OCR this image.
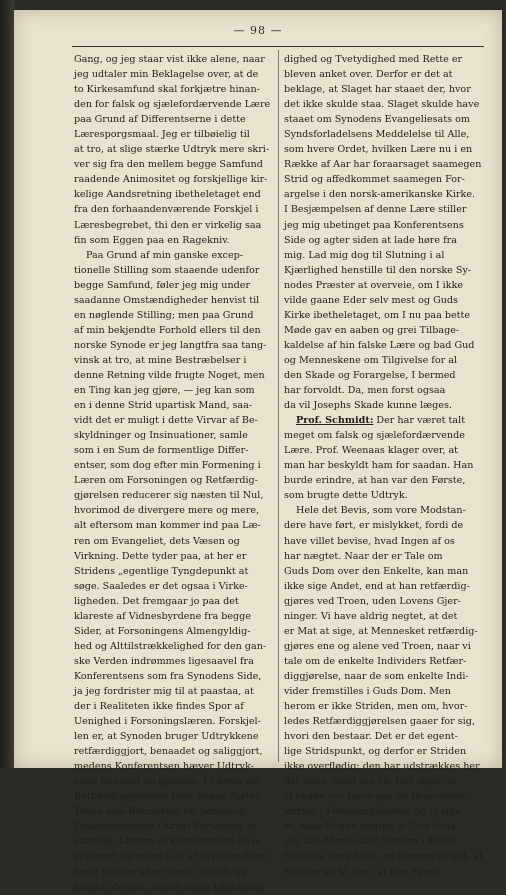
— 98 —
Gang, og jeg staar vist ikke alene, naar
jeg udtaler min Beklagelse over, at de
to Kirkesamfund skal forkjætre hinan-
den for falsk og sjælefordærvende Lære
paa Grund af Differentserne i dette
Læresporgsmaal. Jeg er tilbøielig til
at tro, at slige stærke Udtryk mere skri-
ver sig fra den mellem begge Samfund
raadende Animositet og forskjellige kir-
kelige Aandsretning ibetheletaget end
fra den forhaandenværende Forskjel i
Læresbegrebet, thi den er virkelig saa
fin som Eggen paa en Ragekniv.
Paa Grund af min ganske excep-
tionelle Stilling som staaende udenfor
begge Samfund, føler jeg mig under
saadanne Omstændigheder henvist til
en nøglende Stilling; men paa Grund
af min bekjendte Forhold ellers til den
norske Synode er jeg langtfra saa tang-
vinsk at tro, at mine Bestræbelser i
denne Retning vilde frugte Noget, men
en Ting kan jeg gjøre, — jeg kan som
en i denne Strid upartisk Mand, saa-
vidt det er muligt i dette Virvar af Be-
skyldninger og Insinuationer, samle
som i en Sum de formentlige Differ-
entser, som dog efter min Formening i
Læren om Forsoningen og Retfærdig-
gjørelsen reducerer sig næsten til Nul,
hvorimod de divergere mere og mere,
alt eftersom man kommer ind paa Læ-
ren om Evangeliet, dets Væsen og
Virkning. Dette tyder paa, at her er
Stridens „egentlige Tyngdepunkt at
søge. Saaledes er det ogsaa i Virke-
ligheden. Det fremgaar jo paa det
klareste af Vidnesbyrdene fra begge
Sider, at Forsoningens Almengyldig-
hed og Alttilstrækkelighed for den gan-
ske Verden indrømmes ligesaavel fra
Konferentsens som fra Synodens Side,
ja jeg fordrister mig til at paastaa, at
der i Realiteten ikke findes Spor af
Uenighed i Forsoningslæren. Forskjel-
len er, at Synoden bruger Udtrykkene
retfærdiggjort, benaadet og saliggjort,
medens Konferentsen hæver Udtryk-
kene forsonet og gjenløst. I Læren om
Retfærdiggjørelsen fatte begge Parter
Troen som Betingelse for personlig
Delagtiggjørelse i Kristi Forsoning, ja
samtlige Lærere af Konferentsen have
erklæret sig enige i de af Synoden frem
lagte Sætser efter deres Ordlyd, og
saavidt de gaa, skjønt deres Ufuldstæn-
dighed og Tvetydighed med Rette er
bleven anket over. Derfor er det at
beklage, at Slaget har staaet der, hvor
det ikke skulde staa. Slaget skulde have
staaet om Synodens Evangeliesats om
Syndsforladelsens Meddelelse til Alle,
som hvere Ordet, hvilken Lære nu i en
Række af Aar har foraarsaget saamegen
Strid og affedkommet saamegen For-
argelse i den norsk-amerikanske Kirke.
I Besjæmpelsen af denne Lære stiller
jeg mig ubetinget paa Konferentsens
Side og agter siden at lade høre fra
mig. Lad mig dog til Slutning i al
Kjærlighed henstille til den norske Sy-
nodes Præster at overveie, om I ikke
vilde gaane Eder selv mest og Guds
Kirke ibetheletaget, om I nu paa bette
Møde gav en aaben og grei Tilbage-
kaldelse af hin falske Lære og bad Gud
og Menneskene om Tilgivelse for al
den Skade og Forargelse, I bermed
har forvoldt. Da, men forst ogsaa
da vil Josephs Skade kunne læges.
Prof. Schmidt: Der har været talt
meget om falsk og sjælefordærvende
Lære. Prof. Weenaas klager over, at
man har beskyldt ham for saadan. Han
burde erindre, at han var den Første,
som brugte dette Udtryk.
Hele det Bevis, som vore Modstan-
dere have ført, er mislykket, fordi de
have villet bevise, hvad Ingen af os
har nægtet. Naar der er Tale om
Guds Dom over den Enkelte, kan man
ikke sige Andet, end at han retfærdig-
gjøres ved Troen, uden Lovens Gjer-
ninger. Vi have aldrig negtet, at det
er Mat at sige, at Mennesket retfærdig-
gjøres ene og alene ved Troen, naar vi
tale om de enkelte Individers Retfær-
diggjørelse, naar de som enkelte Indi-
vider fremstilles i Guds Dom. Men
herom er ikke Striden, men om, hvor-
ledes Retfærdiggjørelsen gaaer for sig,
hvori den bestaar. Det er det egent-
lige Stridspunkt, og derfor er Striden
ikke overflødig; den har udstrækkes her,
det føste, hvad det vil. Der siges, at
vi bygge vor Lære paa en Begrebsfor-
virring i Forsoningslæren, og vi sige,
at, naar Nogen negter, at Gud forla-
der alle Mennesker Synden i Kristo,
han maa lære falsk, og hvorom er det, at
Striden er. Vi sige, at den Synds-
